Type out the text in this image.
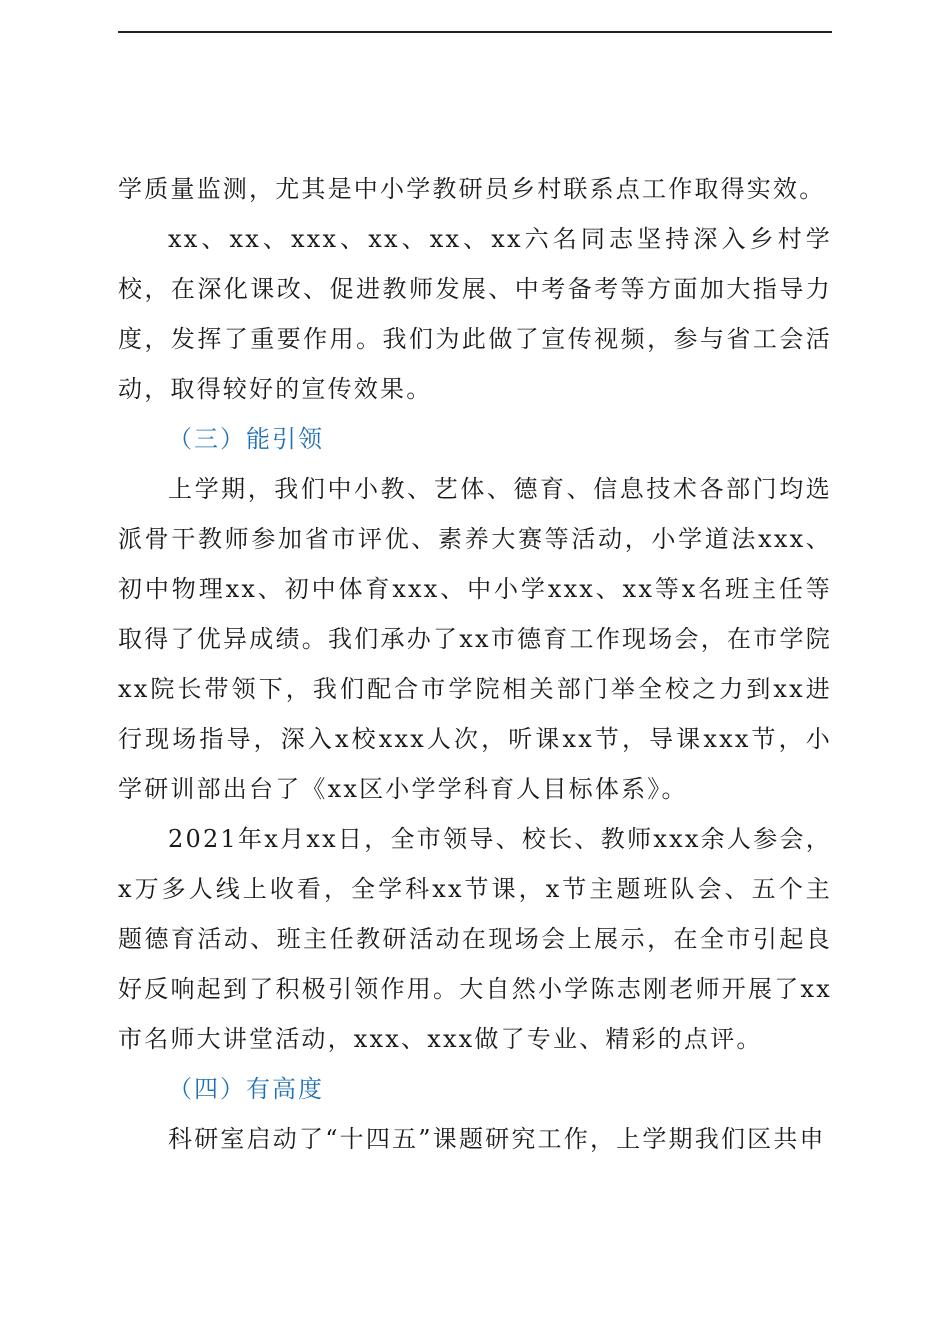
学质量监测，尤其是中小学教研员乡村联系点工作取得实效。

xx、xx、xxx、xx、xx、xx六名同志坚持深入乡村学校，在深化课改、促进教师发展、中考备考等方面加大指导力度，发挥了重要作用。我们为此做了宣传视频，参与省工会活动，取得较好的宣传效果。

（三）能引领

上学期，我们中小教、艺体、德育、信息技术各部门均选派骨干教师参加省市评优、素养大赛等活动，小学道法xxx、初中物理xx、初中体育xxx、中小学xxx、xx等x名班主任等取得了优异成绩。我们承办了xx市德育工作现场会，在市学院xx院长带领下，我们配合市学院相关部门举全校之力到xx进行现场指导，深入x校xxx人次，听课xx节，导课xxx节，小学研训部出台了《xx区小学学科育人目标体系》。

2021年x月xx日，全市领导、校长、教师xxx余人参会，x万多人线上收看，全学科xx节课，x节主题班队会、五个主题德育活动、班主任教研活动在现场会上展示，在全市引起良好反响起到了积极引领作用。大自然小学陈志刚老师开展了xx市名师大讲堂活动，xxx、xxx做了专业、精彩的点评。

（四）有高度

科研室启动了“十四五”课题研究工作，上学期我们区共申
